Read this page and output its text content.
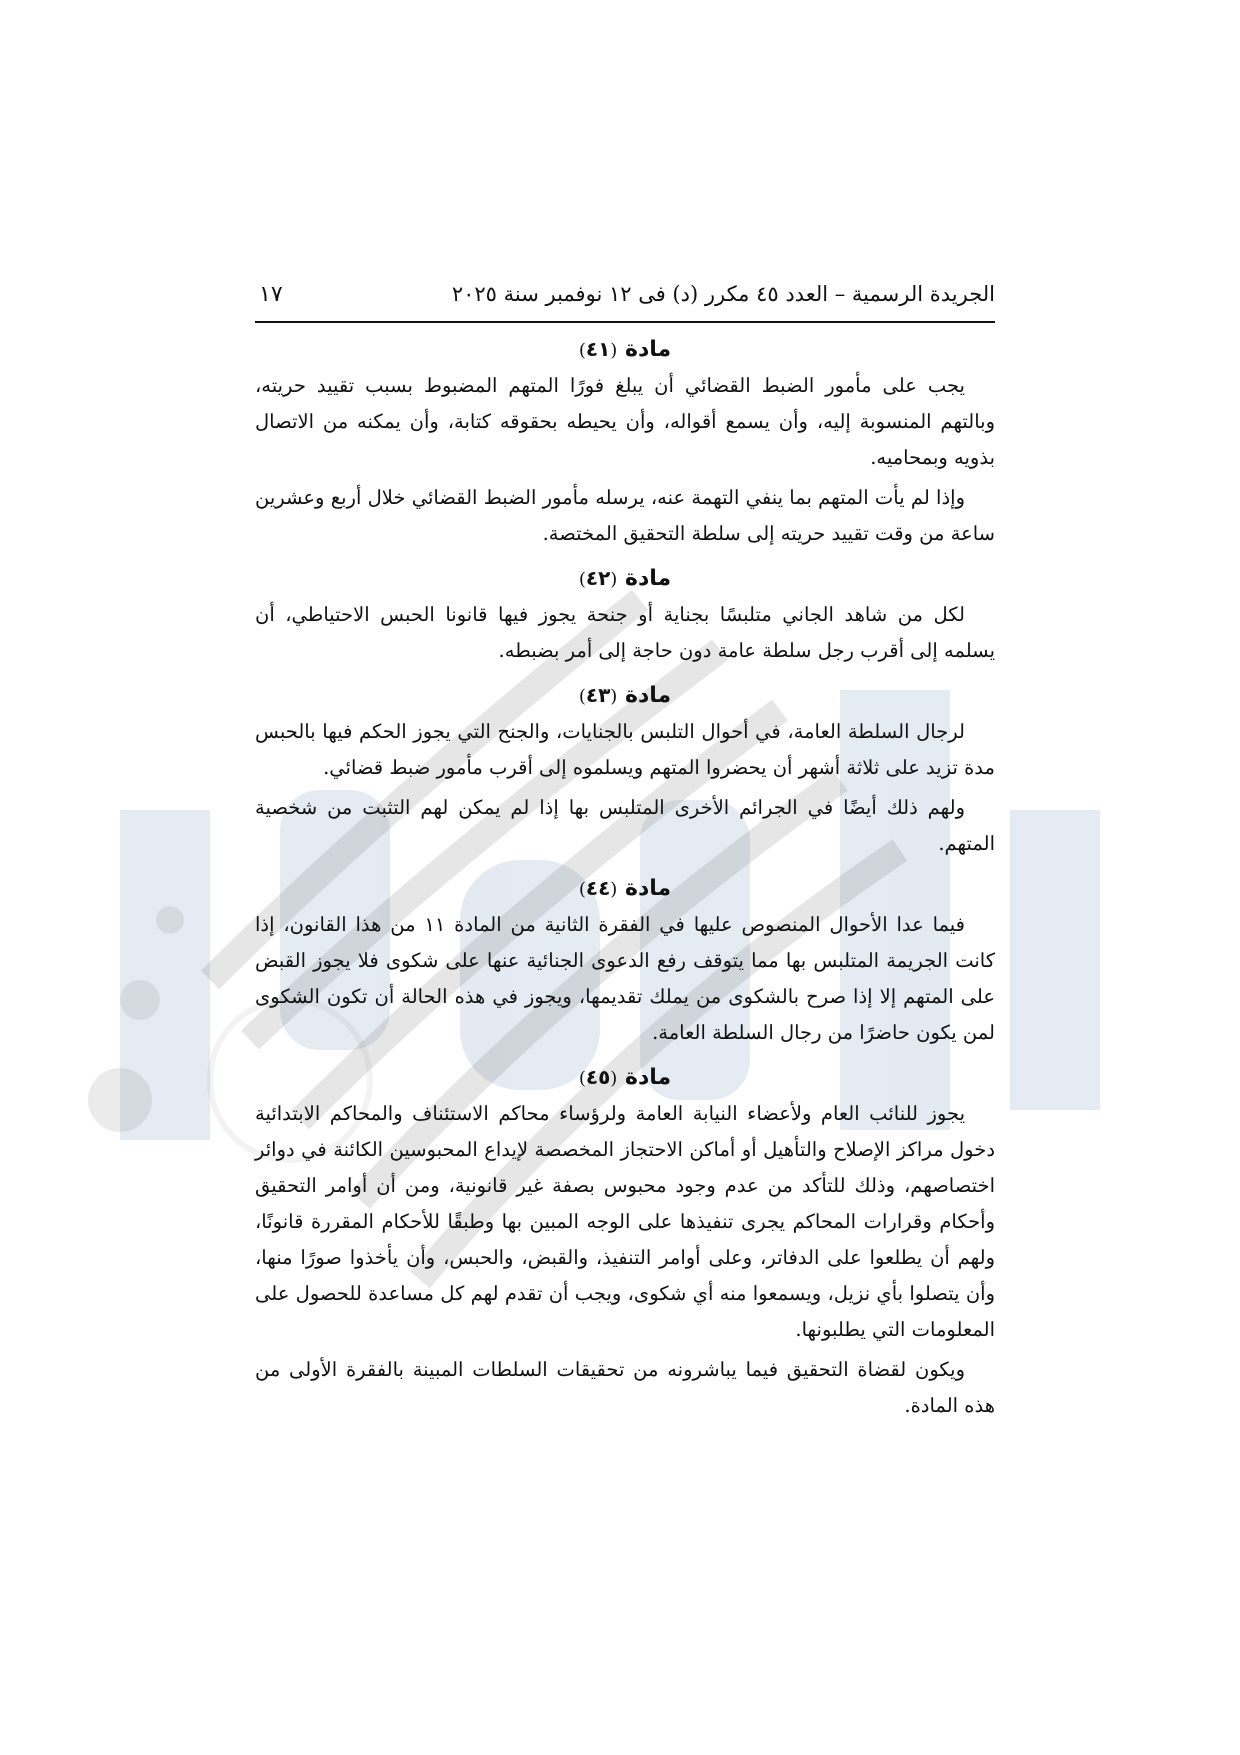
الجريدة الرسمية – العدد ٤٥ مكرر (د) فى ١٢ نوفمبر سنة ٢٠٢٥
١٧
مادة (٤١)

يجب على مأمور الضبط القضائي أن يبلغ فورًا المتهم المضبوط بسبب تقييد حريته، وبالتهم المنسوبة إليه، وأن يسمع أقواله، وأن يحيطه بحقوقه كتابة، وأن يمكنه من الاتصال بذويه وبمحاميه.

وإذا لم يأت المتهم بما ينفي التهمة عنه، يرسله مأمور الضبط القضائي خلال أربع وعشرين ساعة من وقت تقييد حريته إلى سلطة التحقيق المختصة.

مادة (٤٢)

لكل من شاهد الجاني متلبسًا بجناية أو جنحة يجوز فيها قانونا الحبس الاحتياطي، أن يسلمه إلى أقرب رجل سلطة عامة دون حاجة إلى أمر بضبطه.

مادة (٤٣)

لرجال السلطة العامة، في أحوال التلبس بالجنايات، والجنح التي يجوز الحكم فيها بالحبس مدة تزيد على ثلاثة أشهر أن يحضروا المتهم ويسلموه إلى أقرب مأمور ضبط قضائي.

ولهم ذلك أيضًا في الجرائم الأخرى المتلبس بها إذا لم يمكن لهم التثبت من شخصية المتهم.

مادة (٤٤)

فيما عدا الأحوال المنصوص عليها في الفقرة الثانية من المادة ١١ من هذا القانون، إذا كانت الجريمة المتلبس بها مما يتوقف رفع الدعوى الجنائية عنها على شكوى فلا يجوز القبض على المتهم إلا إذا صرح بالشكوى من يملك تقديمها، ويجوز في هذه الحالة أن تكون الشكوى لمن يكون حاضرًا من رجال السلطة العامة.

مادة (٤٥)

يجوز للنائب العام ولأعضاء النيابة العامة ولرؤساء محاكم الاستئناف والمحاكم الابتدائية دخول مراكز الإصلاح والتأهيل أو أماكن الاحتجاز المخصصة لإيداع المحبوسين الكائنة في دوائر اختصاصهم، وذلك للتأكد من عدم وجود محبوس بصفة غير قانونية، ومن أن أوامر التحقيق وأحكام وقرارات المحاكم يجرى تنفيذها على الوجه المبين بها وطبقًا للأحكام المقررة قانونًا، ولهم أن يطلعوا على الدفاتر، وعلى أوامر التنفيذ، والقبض، والحبس، وأن يأخذوا صورًا منها، وأن يتصلوا بأي نزيل، ويسمعوا منه أي شكوى، ويجب أن تقدم لهم كل مساعدة للحصول على المعلومات التي يطلبونها.

ويكون لقضاة التحقيق فيما يباشرونه من تحقيقات السلطات المبينة بالفقرة الأولى من هذه المادة.
